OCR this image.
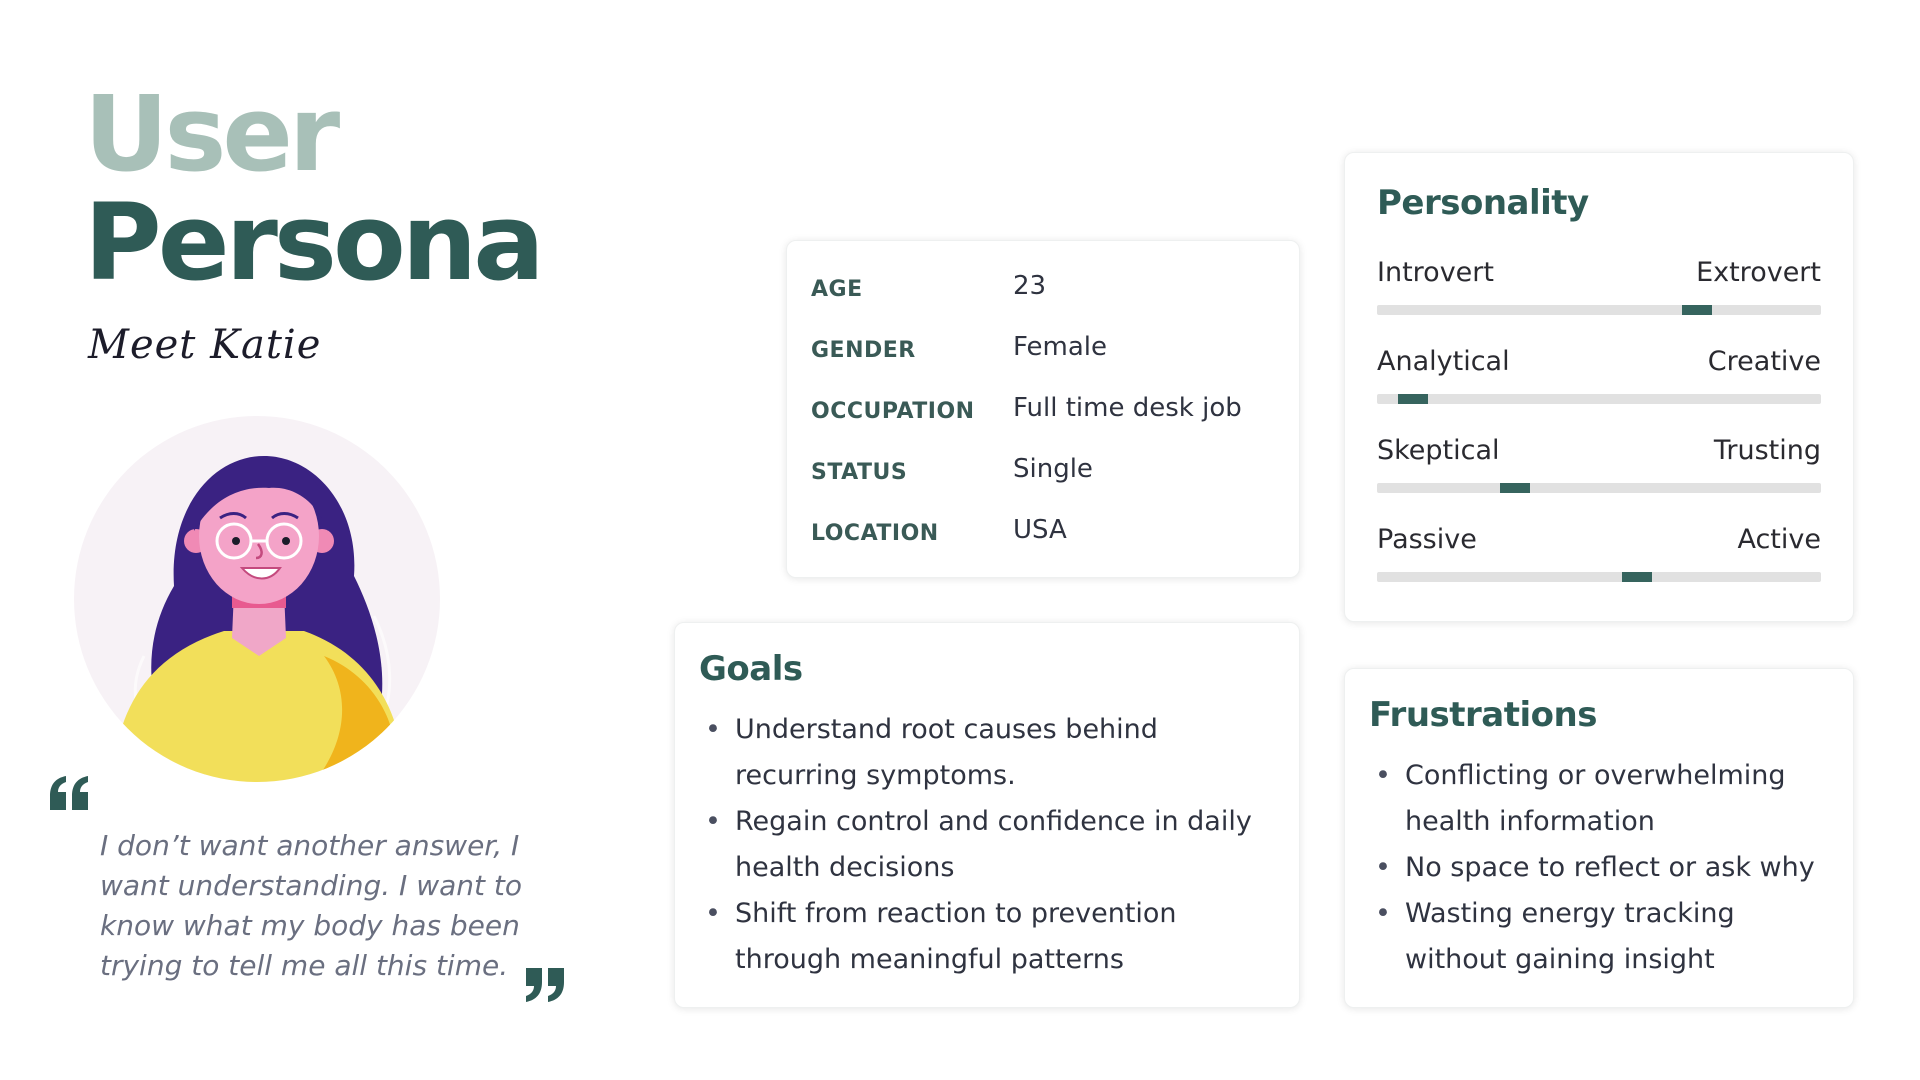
User
Persona
Meet Katie
I don’t want another answer, I want understanding. I want to know what my body has been trying to tell me all this time.
AGE	23
GENDER	Female
OCCUPATION Full time desk job
STATUS	Single
LOCATION	USA
Personality
Introvert	Extrovert
Analytical	Creative
Skeptical	Trusting
Passive	Active
Goals
• Understand root causes behind recurring symptoms.
• Regain control and confidence in daily health decisions
• Shift from reaction to prevention through meaningful patterns
Frustrations
• Conflicting or overwhelming health information
• No space to reflect or ask why
• Wasting energy tracking without gaining insight
